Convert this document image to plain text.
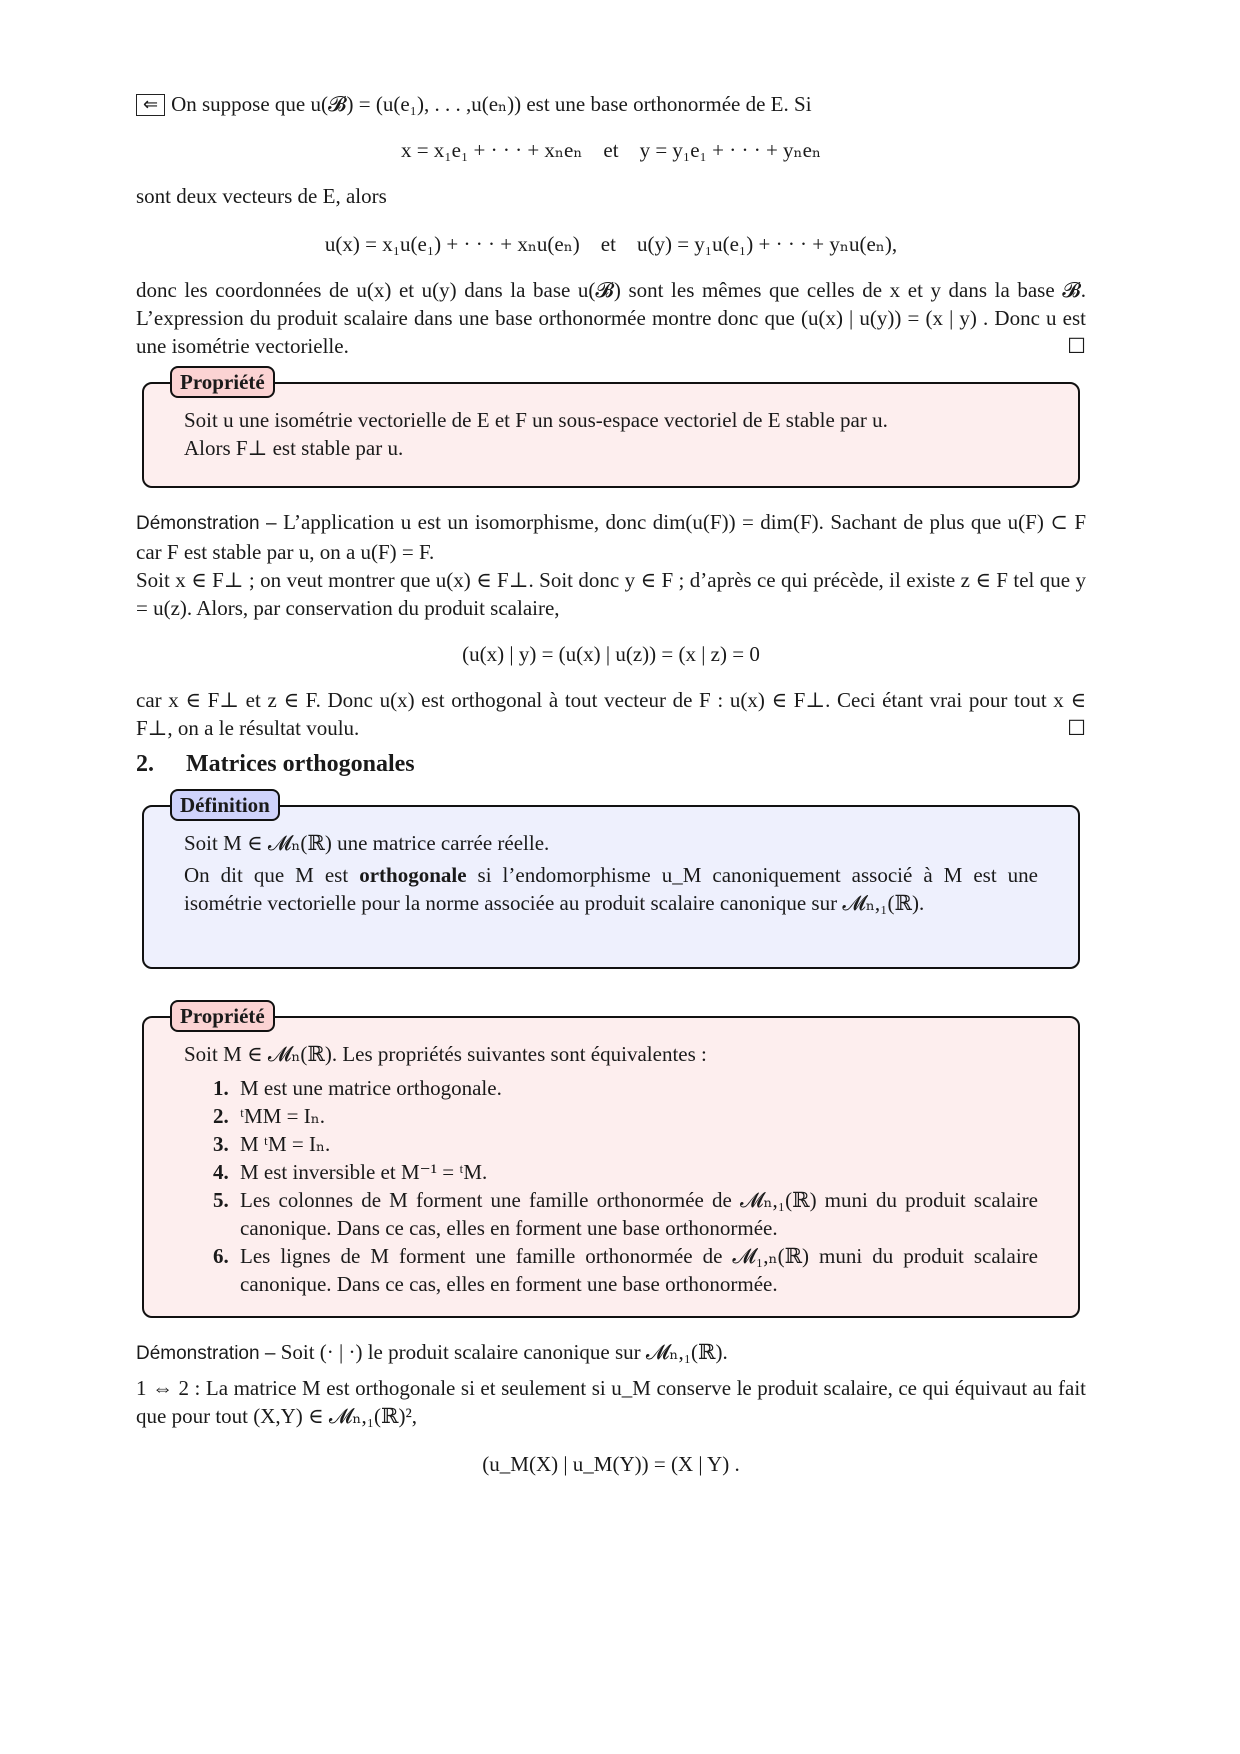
⇐ On suppose que u(𝓑) = (u(e₁), . . . ,u(eₙ)) est une base orthonormée de E. Si

x = x₁e₁ + · · · + xₙeₙ    et    y = y₁e₁ + · · · + yₙeₙ

sont deux vecteurs de E, alors

u(x) = x₁u(e₁) + · · · + xₙu(eₙ)    et    u(y) = y₁u(e₁) + · · · + yₙu(eₙ),

donc les coordonnées de u(x) et u(y) dans la base u(𝓑) sont les mêmes que celles de x et y dans la base 𝓑. L’expression du produit scalaire dans une base orthonormée montre donc que (u(x) | u(y)) = (x | y) . Donc u est une isométrie vectorielle.	☐

Propriété

Soit u une isométrie vectorielle de E et F un sous-espace vectoriel de E stable par u.

Alors F⊥ est stable par u.

Démonstration – L’application u est un isomorphisme, donc dim(u(F)) = dim(F). Sachant de plus que u(F) ⊂ F car F est stable par u, on a u(F) = F.

Soit x ∈ F⊥ ; on veut montrer que u(x) ∈ F⊥. Soit donc y ∈ F ; d’après ce qui précède, il existe z ∈ F tel que y = u(z). Alors, par conservation du produit scalaire,

(u(x) | y) = (u(x) | u(z)) = (x | z) = 0

car x ∈ F⊥ et z ∈ F. Donc u(x) est orthogonal à tout vecteur de F : u(x) ∈ F⊥. Ceci étant vrai pour tout x ∈ F⊥, on a le résultat voulu.	☐

2. Matrices orthogonales
Définition

Soit M ∈ 𝓜ₙ(ℝ) une matrice carrée réelle.

On dit que M est orthogonale si l’endomorphisme u_M canoniquement associé à M est une isométrie vectorielle pour la norme associée au produit scalaire canonique sur 𝓜ₙ,₁(ℝ).

Propriété

Soit M ∈ 𝓜ₙ(ℝ). Les propriétés suivantes sont équivalentes :

1. M est une matrice orthogonale.
2. ᵗMM = Iₙ.
3. M ᵗM = Iₙ.
4. M est inversible et M⁻¹ = ᵗM.
5. Les colonnes de M forment une famille orthonormée de 𝓜ₙ,₁(ℝ) muni du produit scalaire canonique. Dans ce cas, elles en forment une base orthonormée.
6. Les lignes de M forment une famille orthonormée de 𝓜₁,ₙ(ℝ) muni du produit scalaire canonique. Dans ce cas, elles en forment une base orthonormée.

Démonstration – Soit (· | ·) le produit scalaire canonique sur 𝓜ₙ,₁(ℝ).

1 ⇔ 2 : La matrice M est orthogonale si et seulement si u_M conserve le produit scalaire, ce qui équivaut au fait que pour tout (X,Y) ∈ 𝓜ₙ,₁(ℝ)²,

(u_M(X) | u_M(Y)) = (X | Y) .
